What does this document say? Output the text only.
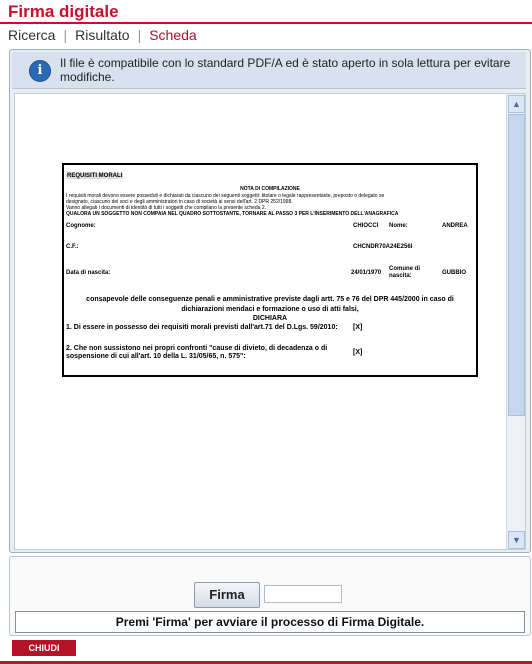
Firma digitale
Ricerca | Risultato | Scheda
i	Il file è compatibile con lo standard PDF/A ed è stato aperto in sola lettura per evitare modifiche.
REQUISITI MORALI
NOTA DI COMPILAZIONE
I requisiti morali devono essere posseduti e dichiarati da ciascuno dei seguenti soggetti: titolare o legale rappresentante, preposto o delegato se
designato, ciascuno dei soci e degli amministratori in caso di società ai sensi dell'art. 2 DPR 252/1998.
Vanno allegati i documenti di identità di tutti i soggetti che compilano la presente scheda 2.
QUALORA UN SOGGETTO NON COMPAIA NEL QUADRO SOTTOSTANTE, TORNARE AL PASSO 3 PER L'INSERIMENTO DELL'ANAGRAFICA
Cognome:	CHIOCCI Nome:	ANDREA
C.F.:	CHCNDR70A24E256I
Data di nascita:	24/01/1970
Comune di nascita:	GUBBIO
consapevole delle conseguenze penali e amministrative previste dagli artt. 75 e 76 del DPR 445/2000 in caso di
dichiarazioni mendaci e formazione o uso di atti falsi,
DICHIARA
1. Di essere in possesso dei requisiti morali previsti dall'art.71 del D.Lgs. 59/2010: [X]
2. Che non sussistono nei propri confronti "cause di divieto, di decadenza o di
sospensione di cui all'art. 10 della L. 31/05/65, n. 575":
[X]
▲
▼
Firma
Premi 'Firma' per avviare il processo di Firma Digitale.
CHIUDI
